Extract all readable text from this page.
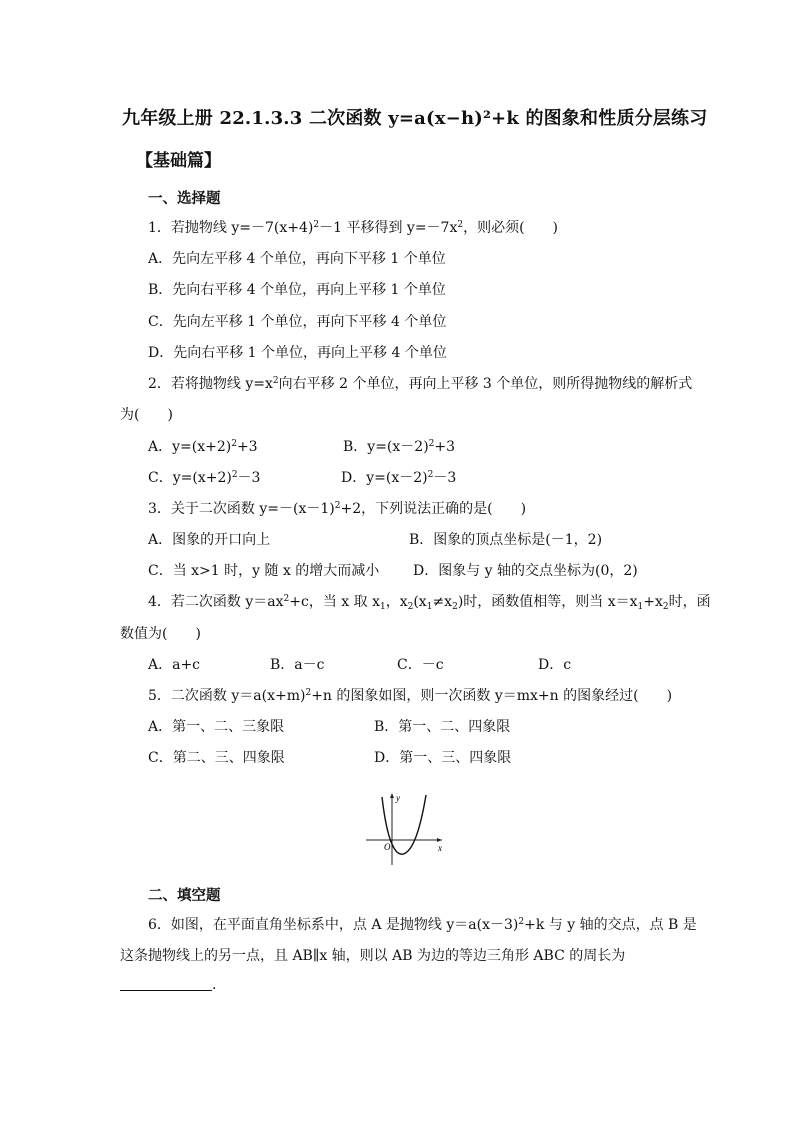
九年级上册 22.1.3.3 二次函数 y=a(x−h)²+k 的图象和性质分层练习
【基础篇】
一、选择题
1．若抛物线 $y=-7(x+4)^2-1$ 平移得到 $y=-7x^2$，则必须(　　)
A．先向左平移 4 个单位，再向下平移 1 个单位
B．先向右平移 4 个单位，再向上平移 1 个单位
C．先向左平移 1 个单位，再向下平移 4 个单位
D．先向右平移 1 个单位，再向上平移 4 个单位
2．若将抛物线 $y=x^2$向右平移 2 个单位，再向上平移 3 个单位，则所得抛物线的解析式
为(　　)
A．$y=(x+2)^2+3$	B．$y=(x-2)^2+3$
C．$y=(x+2)^2-3$	D．$y=(x-2)^2-3$
3．关于二次函数 $y=-(x-1)^2+2$，下列说法正确的是(　　)
A．图象的开口向上	B．图象的顶点坐标是(－1，2)
C．当 x>1 时，y 随 x 的增大而减小 D．图象与 y 轴的交点坐标为(0，2)
4．若二次函数 $y=ax^2+c$，当 x 取 $x_1$，$x_2(x_1\ne x_2)$时，函数值相等，则当 $x=x_1+x_2$时，函
数值为(　　)
A．a+c	B．a－c	C．－c	D．c
5．二次函数 $y=a(x+m)^2+n$ 的图象如图，则一次函数 y＝mx+n 的图象经过(　　)
A．第一、二、三象限	B．第一、二、四象限
C．第二、三、四象限	D．第一、三、四象限
y
x
O
二、填空题
6．如图，在平面直角坐标系中，点 A 是抛物线 $y=a(x-3)^2+k$ 与 y 轴的交点，点 B 是
这条抛物线上的另一点，且 AB∥x 轴，则以 AB 为边的等边三角形 ABC 的周长为
.
